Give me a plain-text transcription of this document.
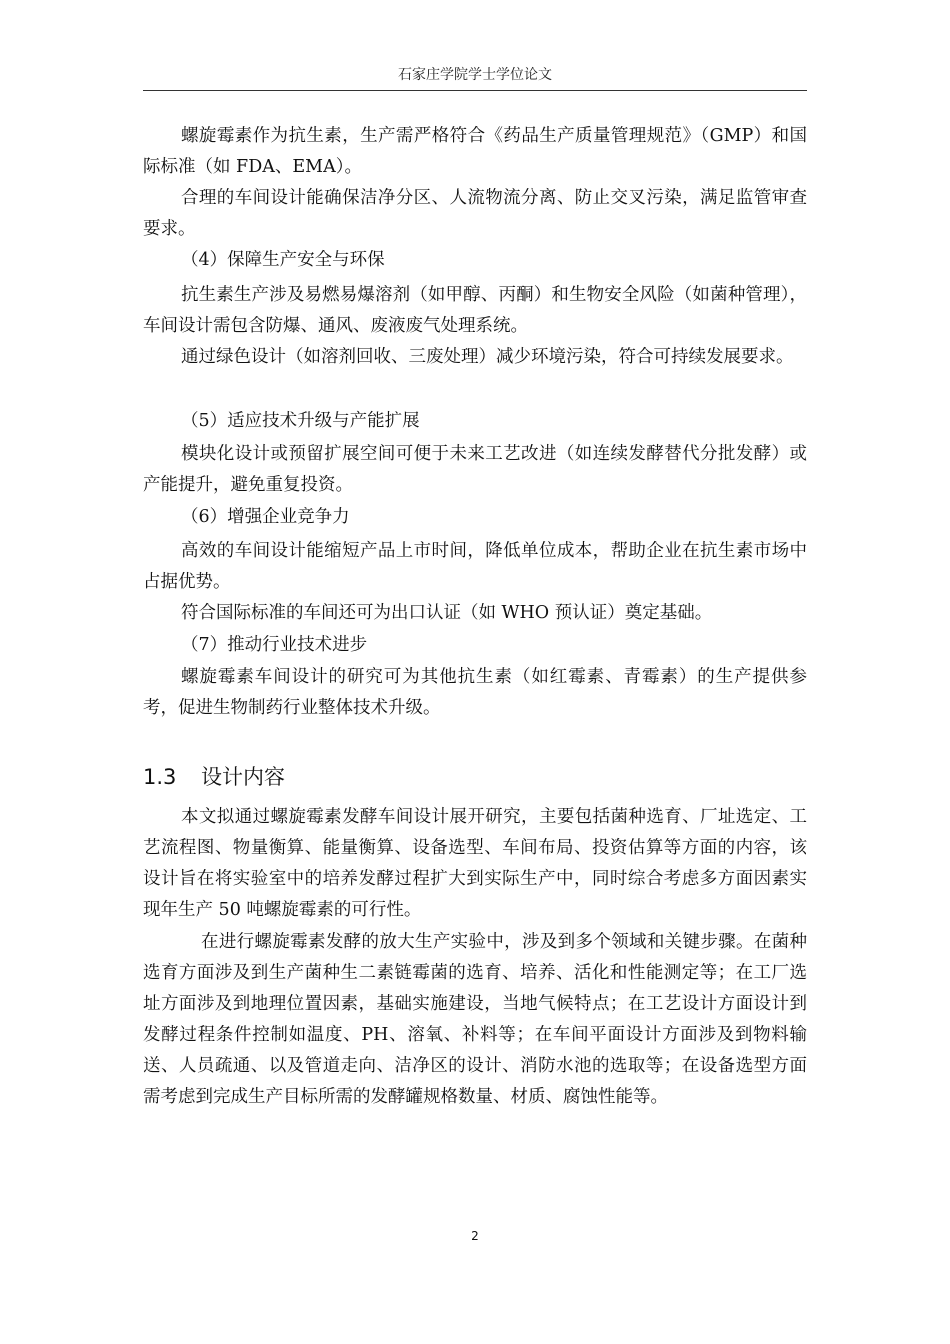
石家庄学院学士学位论文

螺旋霉素作为抗生素，生产需严格符合《药品生产质量管理规范》（GMP）和国际标准（如 FDA、EMA）。

合理的车间设计能确保洁净分区、人流物流分离、防止交叉污染，满足监管审查要求。

（4）保障生产安全与环保

抗生素生产涉及易燃易爆溶剂（如甲醇、丙酮）和生物安全风险（如菌种管理），车间设计需包含防爆、通风、废液废气处理系统。

通过绿色设计（如溶剂回收、三废处理）减少环境污染，符合可持续发展要求。

（5）适应技术升级与产能扩展

模块化设计或预留扩展空间可便于未来工艺改进（如连续发酵替代分批发酵）或产能提升，避免重复投资。

（6）增强企业竞争力

高效的车间设计能缩短产品上市时间，降低单位成本，帮助企业在抗生素市场中占据优势。

符合国际标准的车间还可为出口认证（如 WHO 预认证）奠定基础。

（7）推动行业技术进步

螺旋霉素车间设计的研究可为其他抗生素（如红霉素、青霉素）的生产提供参考，促进生物制药行业整体技术升级。

1.3 设计内容

本文拟通过螺旋霉素发酵车间设计展开研究，主要包括菌种选育、厂址选定、工艺流程图、物量衡算、能量衡算、设备选型、车间布局、投资估算等方面的内容，该设计旨在将实验室中的培养发酵过程扩大到实际生产中，同时综合考虑多方面因素实现年生产 50 吨螺旋霉素的可行性。

在进行螺旋霉素发酵的放大生产实验中，涉及到多个领域和关键步骤。在菌种选育方面涉及到生产菌种生二素链霉菌的选育、培养、活化和性能测定等；在工厂选址方面涉及到地理位置因素，基础实施建设，当地气候特点；在工艺设计方面设计到发酵过程条件控制如温度、PH、溶氧、补料等；在车间平面设计方面涉及到物料输送、人员疏通、以及管道走向、洁净区的设计、消防水池的选取等；在设备选型方面需考虑到完成生产目标所需的发酵罐规格数量、材质、腐蚀性能等。

2
